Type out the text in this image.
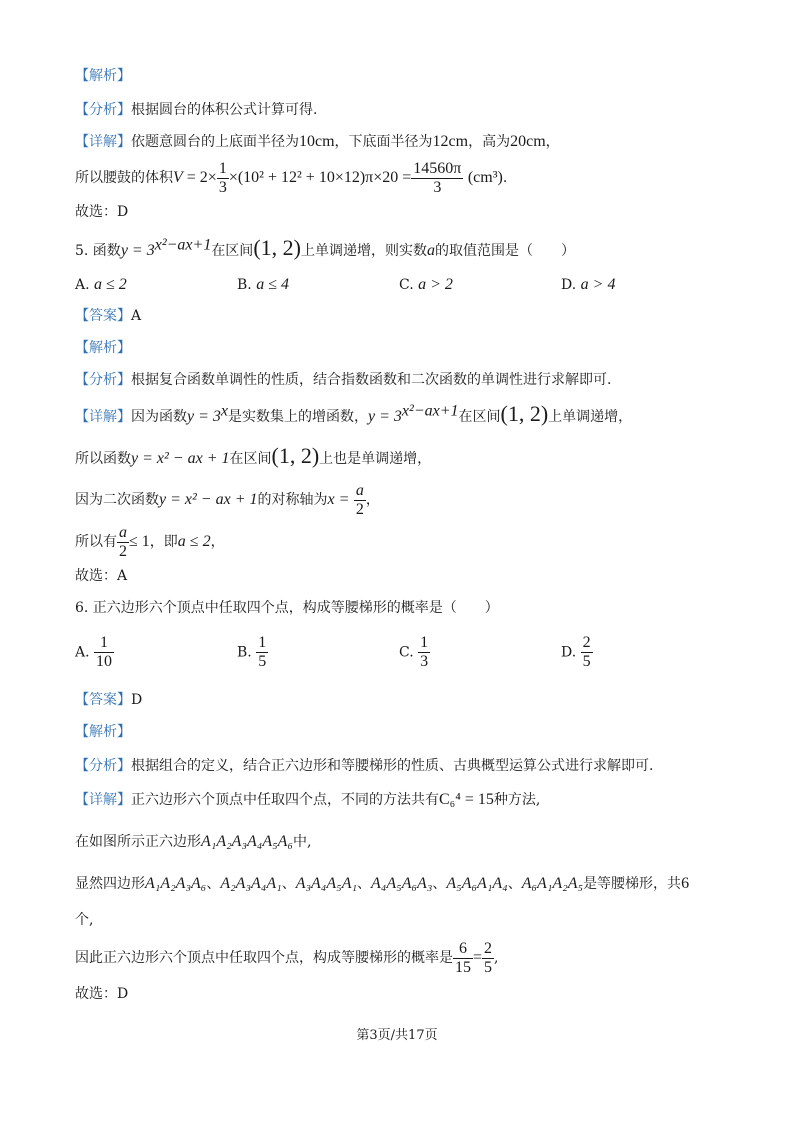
【解析】
【分析】根据圆台的体积公式计算可得.
【详解】依题意圆台的上底面半径为10cm，下底面半径为12cm，高为20cm，
所以腰鼓的体积$V = 2\times \frac{1}{3} \times(10^2 + 12^2 + 10\times 12)\pi\times 20 = \frac{14560\pi}{3} (cm^3)$.
故选：D
5. 函数$y = 3^{x^2-ax+1}$在区间(1, 2)上单调递增，则实数a的取值范围是（　　）
A. a ≤ 2	B. a ≤ 4	C. a > 2	D. a > 4
【答案】A
【解析】
【分析】根据复合函数单调性的性质，结合指数函数和二次函数的单调性进行求解即可.
【详解】因为函数$y = 3^x$是实数集上的增函数，$y = 3^{x^2-ax+1}$在区间(1, 2)上单调递增，
所以函数y = x² − ax + 1在区间(1, 2)上也是单调递增，
因为二次函数y = x² − ax + 1的对称轴为$x = \frac{a}{2}$ ，
所以有 $\frac{a}{2} \le 1$，即a ≤ 2，
故选：A
6. 正六边形六个顶点中任取四个点，构成等腰梯形的概率是（　　）
A. $\frac{1}{10}$	B. $\frac{1}{5}$	C. $\frac{1}{3}$	D. $\frac{2}{5}$
【答案】D
【解析】
【分析】根据组合的定义，结合正六边形和等腰梯形的性质、古典概型运算公式进行求解即可.
【详解】正六边形六个顶点中任取四个点，不同的方法共有C₆⁴ = 15种方法,
在如图所示正六边形A₁A₂A₃A₄A₅A₆中,
显然四边形A₁A₂A₃A₆、A₂A₃A₄A₁、A₃A₄A₅A₁、A₄A₅A₆A₃、A₅A₆A₁A₄、A₆A₁A₂A₅是等腰梯形，共6
个,
因此正六边形六个顶点中任取四个点，构成等腰梯形的概率是 $\frac{6}{15} = \frac{2}{5}$ ,
故选：D
第3页/共17页
